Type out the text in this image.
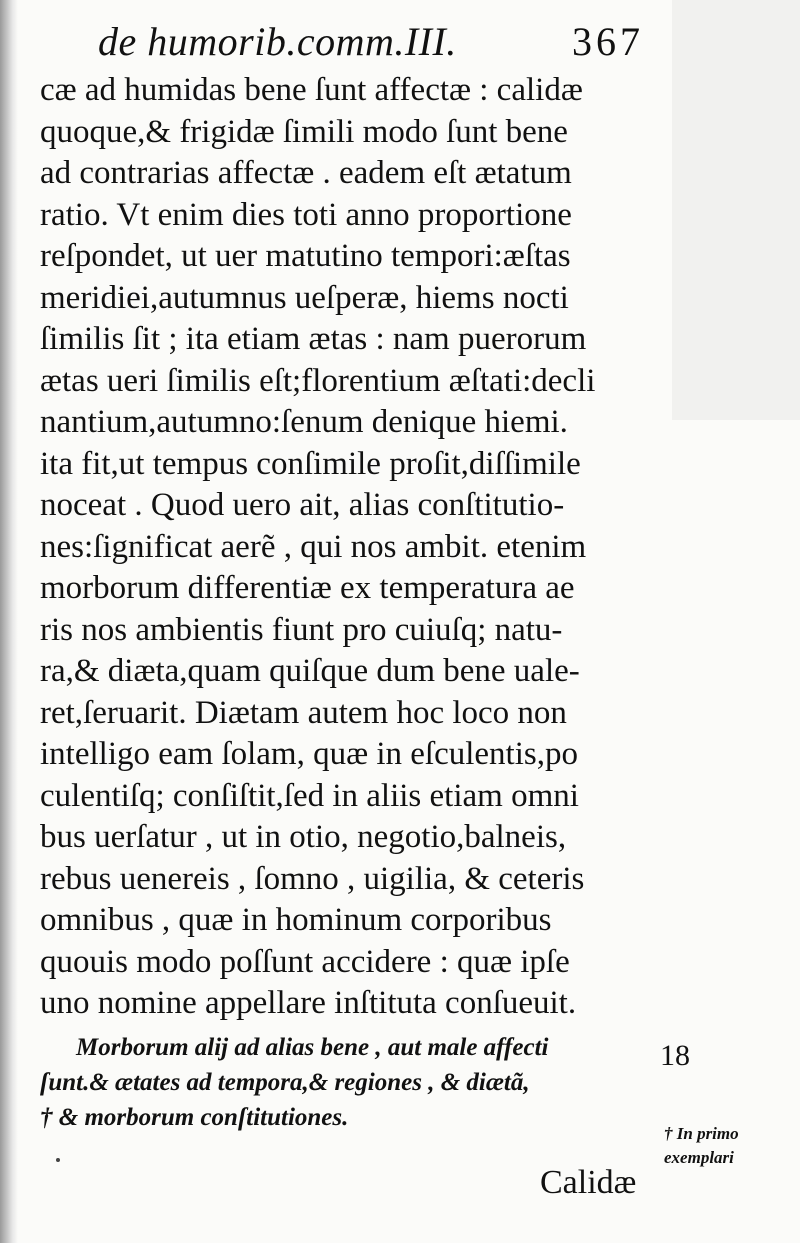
de humorib.comm.III.	367
cæ ad humidas bene ſunt affectæ : calidæ
quoque,& frigidæ ſimili modo ſunt bene
ad contrarias affectæ . eadem eſt ætatum
ratio. Vt enim dies toti anno proportione
reſpondet, ut uer matutino tempori:æſtas
meridiei,autumnus ueſperæ, hiems nocti
ſimilis ſit ; ita etiam ætas : nam puerorum
ætas ueri ſimilis eſt;florentium æſtati:decli
nantium,autumno:ſenum denique hiemi.
ita fit,ut tempus conſimile proſit,diſſimile
noceat . Quod uero ait, alias conſtitutio-
nes:ſignificat aerẽ , qui nos ambit. etenim
morborum differentiæ ex temperatura ae
ris nos ambientis fiunt pro cuiuſq; natu-
ra,& diæta,quam quiſque dum bene uale-
ret,ſeruarit. Diætam autem hoc loco non
intelligo eam ſolam, quæ in eſculentis,po
culentiſq; conſiſtit,ſed in aliis etiam omni
bus uerſatur , ut in otio, negotio,balneis,
rebus uenereis , ſomno , uigilia, & ceteris
omnibus , quæ in hominum corporibus
quouis modo poſſunt accidere : quæ ipſe
uno nomine appellare inſtituta conſueuit.
Morborum alij ad alias bene , aut male affecti
ſunt.& ætates ad tempora,& regiones , & diætã,
† & morborum conſtitutiones.
18
† In primo
exemplari
Calidæ
